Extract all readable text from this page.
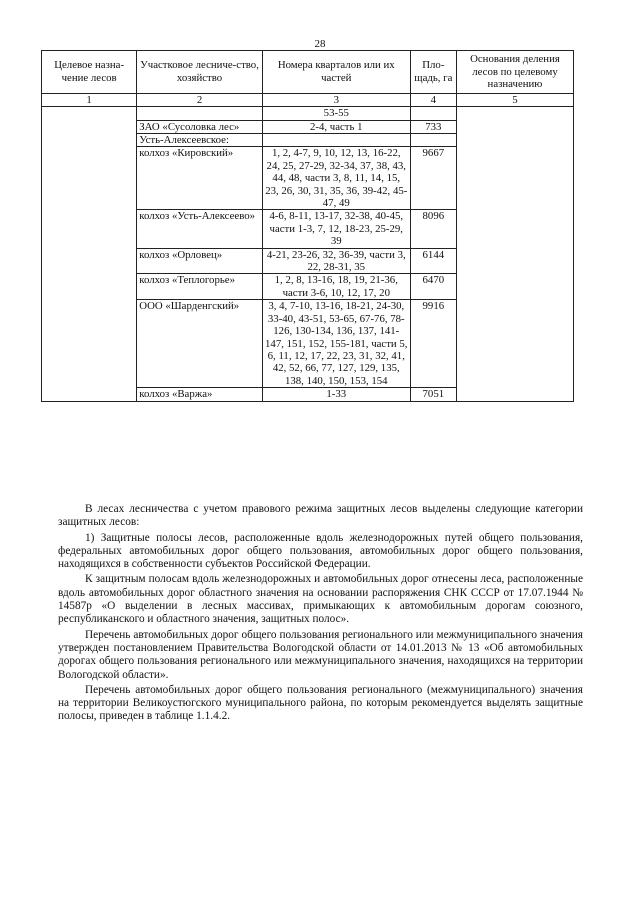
28
Целевое назна-чение лесов	Участковое лесниче-ство, хозяйство	Номера кварталов или их частей	Пло-щадь, га	Основания деления лесов по целевому назначению
1	2	3	4	5
		53-55		
	ЗАО «Сусоловка лес»	2-4, часть 1	733	
	Усть-Алексеевское:			
	колхоз «Кировский»	1, 2, 4-7, 9, 10, 12, 13, 16-22, 24, 25, 27-29, 32-34, 37, 38, 43, 44, 48, части 3, 8, 11, 14, 15, 23, 26, 30, 31, 35, 36, 39-42, 45-47, 49	9667	
	колхоз «Усть-Алексеево»	4-6, 8-11, 13-17, 32-38, 40-45, части 1-3, 7, 12, 18-23, 25-29, 39	8096	
	колхоз «Орловец»	4-21, 23-26, 32, 36-39, части 3, 22, 28-31, 35	6144	
	колхоз «Теплогорье»	1, 2, 8, 13-16, 18, 19, 21-36, части 3-6, 10, 12, 17, 20	6470	
	ООО «Шарденгский»	3, 4, 7-10, 13-16, 18-21, 24-30, 33-40, 43-51, 53-65, 67-76, 78-126, 130-134, 136, 137, 141-147, 151, 152, 155-181, части 5, 6, 11, 12, 17, 22, 23, 31, 32, 41, 42, 52, 66, 77, 127, 129, 135, 138, 140, 150, 153, 154	9916	
	колхоз «Варжа»	1-33	7051	

В лесах лесничества с учетом правового режима защитных лесов выделены следующие категории защитных лесов:

1) Защитные полосы лесов, расположенные вдоль железнодорожных путей общего пользования, федеральных автомобильных дорог общего пользования, автомобильных дорог общего пользования, находящихся в собственности субъектов Российской Федерации.

К защитным полосам вдоль железнодорожных и автомобильных дорог отнесены леса, расположенные вдоль автомобильных дорог областного значения на основании распоряжения СНК СССР от 17.07.1944 № 14587р «О выделении в лесных массивах, примыкающих к автомобильным дорогам союзного, республиканского и областного значения, защитных полос».

Перечень автомобильных дорог общего пользования регионального или межмуниципального значения утвержден постановлением Правительства Вологодской области от 14.01.2013 № 13 «Об автомобильных дорогах общего пользования регионального или межмуниципального значения, находящихся на территории Вологодской области».

Перечень автомобильных дорог общего пользования регионального (межмуниципального) значения на территории Великоустюгского муниципального района, по которым рекомендуется выделять защитные полосы, приведен в таблице 1.1.4.2.
